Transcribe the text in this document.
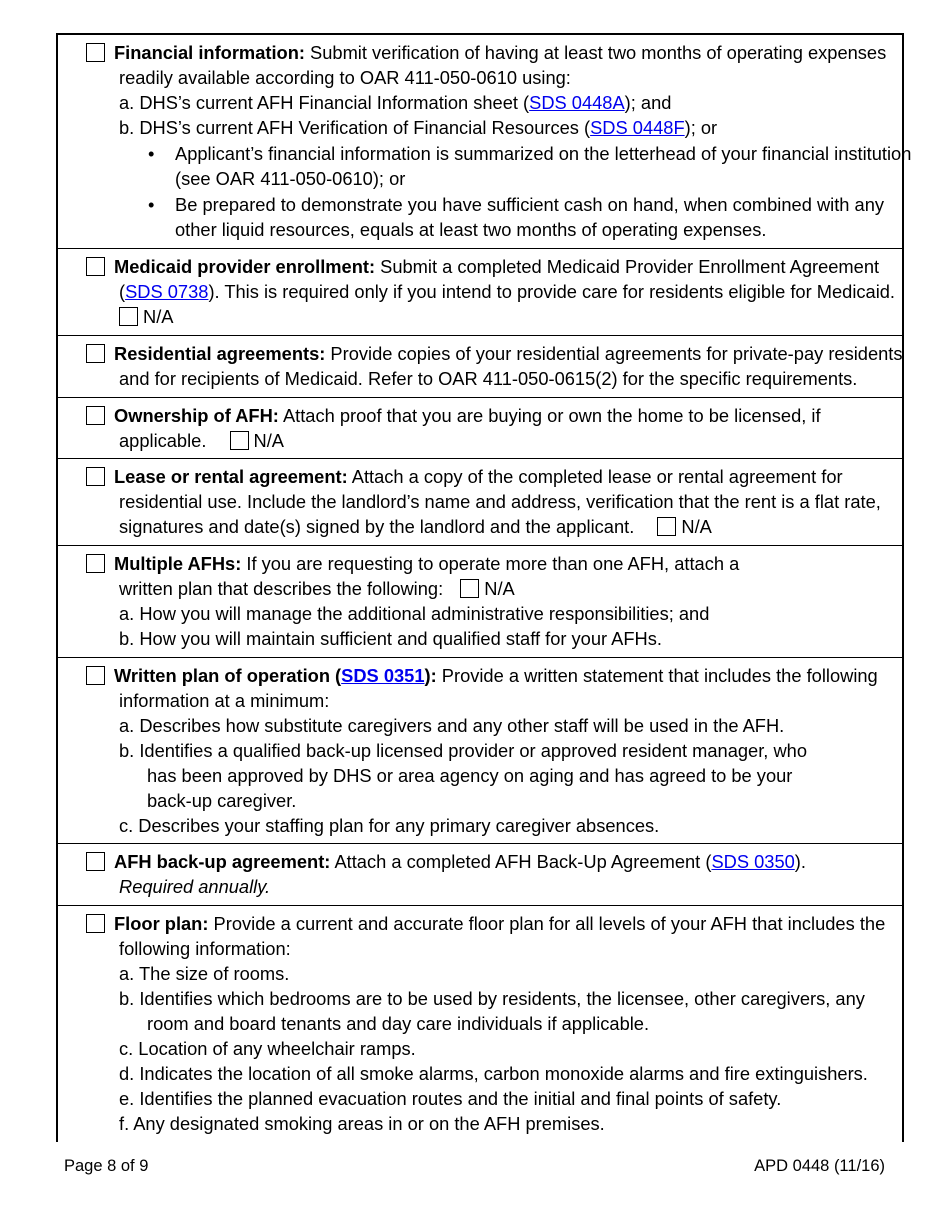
Financial information: Submit verification of having at least two months of operating expenses
readily available according to OAR 411-050-0610 using:
a. DHS’s current AFH Financial Information sheet (SDS 0448A); and
b. DHS’s current AFH Verification of Financial Resources (SDS 0448F); or
• Applicant’s financial information is summarized on the letterhead of your financial institution
(see OAR 411-050-0610); or
• Be prepared to demonstrate you have sufficient cash on hand, when combined with any
other liquid resources, equals at least two months of operating expenses.
Medicaid provider enrollment: Submit a completed Medicaid Provider Enrollment Agreement
(SDS 0738). This is required only if you intend to provide care for residents eligible for Medicaid.
N/A
Residential agreements: Provide copies of your residential agreements for private-pay residents
and for recipients of Medicaid. Refer to OAR 411-050-0615(2) for the specific requirements.
Ownership of AFH: Attach proof that you are buying or own the home to be licensed, if
applicable.	N/A
Lease or rental agreement: Attach a copy of the completed lease or rental agreement for
residential use. Include the landlord’s name and address, verification that the rent is a flat rate,
signatures and date(s) signed by the landlord and the applicant.	N/A
Multiple AFHs: If you are requesting to operate more than one AFH, attach a
written plan that describes the following: N/A
a. How you will manage the additional administrative responsibilities; and
b. How you will maintain sufficient and qualified staff for your AFHs.
Written plan of operation (SDS 0351): Provide a written statement that includes the following
information at a minimum:
a. Describes how substitute caregivers and any other staff will be used in the AFH.
b. Identifies a qualified back-up licensed provider or approved resident manager, who
has been approved by DHS or area agency on aging and has agreed to be your
back-up caregiver.
c. Describes your staffing plan for any primary caregiver absences.
AFH back-up agreement: Attach a completed AFH Back-Up Agreement (SDS 0350).
Required annually.
Floor plan: Provide a current and accurate floor plan for all levels of your AFH that includes the
following information:
a. The size of rooms.
b. Identifies which bedrooms are to be used by residents, the licensee, other caregivers, any
room and board tenants and day care individuals if applicable.
c. Location of any wheelchair ramps.
d. Indicates the location of all smoke alarms, carbon monoxide alarms and fire extinguishers.
e. Identifies the planned evacuation routes and the initial and final points of safety.
f. Any designated smoking areas in or on the AFH premises.
Page 8 of 9	APD 0448 (11/16)
